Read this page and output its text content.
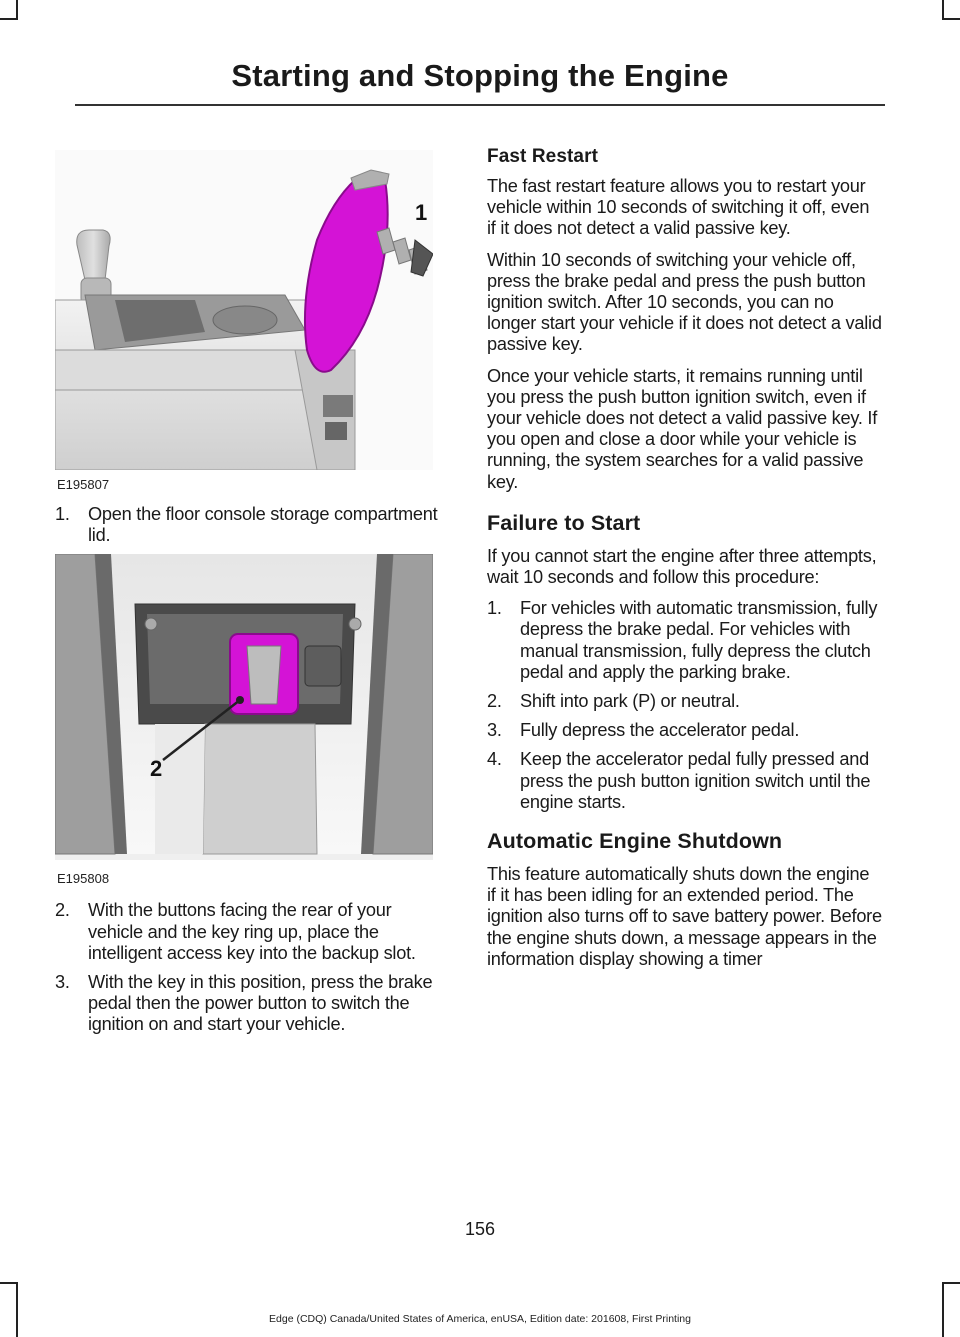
Starting and Stopping the Engine
1
E195807
1. Open the floor console storage compartment lid.
2
E195808
2. With the buttons facing the rear of your vehicle and the key ring up, place the intelligent access key into the backup slot.
3. With the key in this position, press the brake pedal then the power button to switch the ignition on and start your vehicle.
Fast Restart

The fast restart feature allows you to restart your vehicle within 10 seconds of switching it off, even if it does not detect a valid passive key.

Within 10 seconds of switching your vehicle off, press the brake pedal and press the push button ignition switch. After 10 seconds, you can no longer start your vehicle if it does not detect a valid passive key.

Once your vehicle starts, it remains running until you press the push button ignition switch, even if your vehicle does not detect a valid passive key. If you open and close a door while your vehicle is running, the system searches for a valid passive key.

Failure to Start

If you cannot start the engine after three attempts, wait 10 seconds and follow this procedure:

1. For vehicles with automatic transmission, fully depress the brake pedal. For vehicles with manual transmission, fully depress the clutch pedal and apply the parking brake.
2. Shift into park (P) or neutral.
3. Fully depress the accelerator pedal.
4. Keep the accelerator pedal fully pressed and press the push button ignition switch until the engine starts.
Automatic Engine Shutdown

This feature automatically shuts down the engine if it has been idling for an extended period. The ignition also turns off to save battery power. Before the engine shuts down, a message appears in the information display showing a timer

156
Edge (CDQ) Canada/United States of America, enUSA, Edition date: 201608, First Printing
